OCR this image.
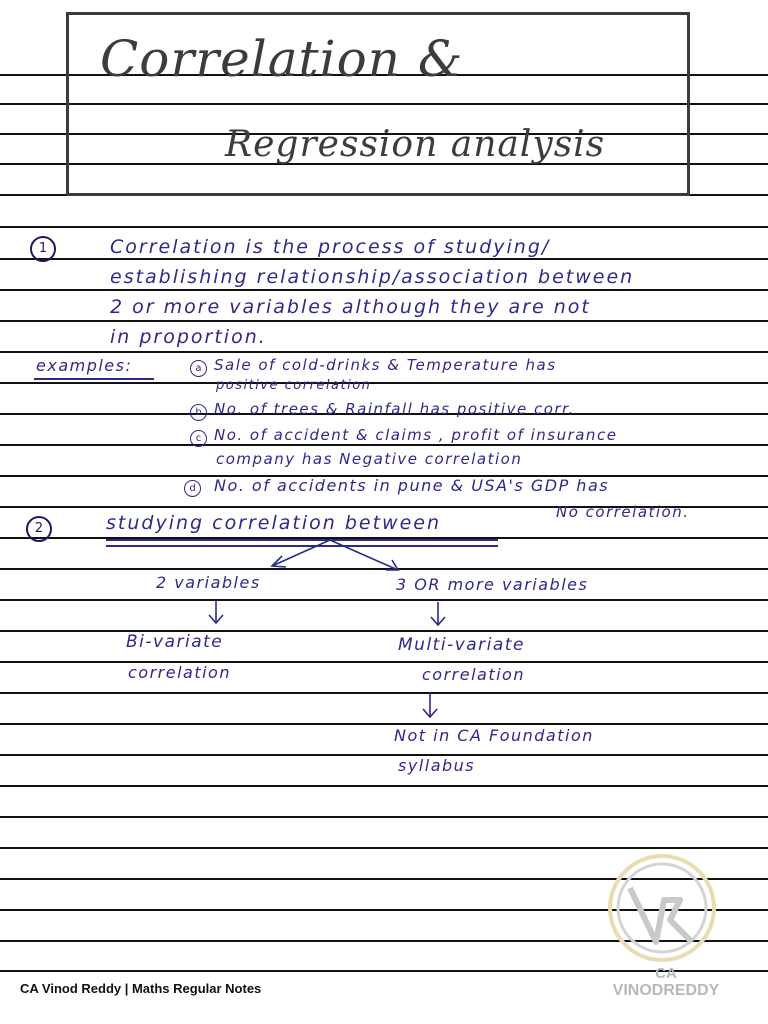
Correlation &
Regression analysis
1	Correlation is the process of studying/
establishing relationship/association between
2 or more variables although they are not
in proportion.
examples:	a Sale of cold-drinks & Temperature has
positive correlation
b No. of trees & Rainfall has positive corr.
c No. of accident & claims , profit of insurance
company has Negative correlation
d	No. of accidents in pune & USA's GDP has
No correlation.
2	studying correlation between
2 variables	3 OR more variables
Bi-variate
correlation
Multi-variate
correlation
Not in CA Foundation
syllabus
CA
VINODREDDY
CA Vinod Reddy | Maths Regular Notes
